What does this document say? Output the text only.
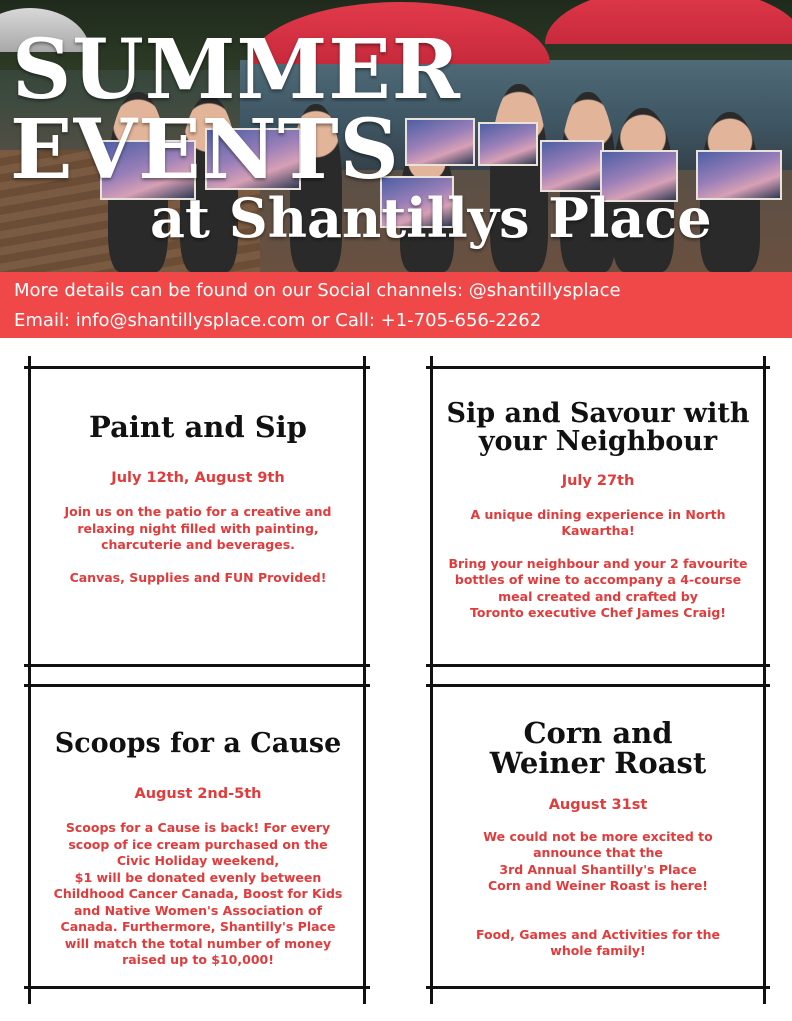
SUMMER
EVENTS
at Shantillys Place
More details can be found on our Social channels: @shantillysplace
Email: info@shantillysplace.com or Call: +1-705-656-2262
Paint and Sip
July 12th, August 9th

Join us on the patio for a creative and

relaxing night filled with painting,

charcuterie and beverages.

Canvas, Supplies and FUN Provided!

Sip and Savour with
your Neighbour
July 27th

A unique dining experience in North

Kawartha!

Bring your neighbour and your 2 favourite

bottles of wine to accompany a 4-course

meal created and crafted by

Toronto executive Chef James Craig!

Scoops for a Cause
August 2nd-5th

Scoops for a Cause is back! For every

scoop of ice cream purchased on the

Civic Holiday weekend,

$1 will be donated evenly between

Childhood Cancer Canada, Boost for Kids

and Native Women's Association of

Canada. Furthermore, Shantilly's Place

will match the total number of money

raised up to $10,000!

Corn and
Weiner Roast
August 31st

We could not be more excited to

announce that the

3rd Annual Shantilly's Place

Corn and Weiner Roast is here!

Food, Games and Activities for the

whole family!
